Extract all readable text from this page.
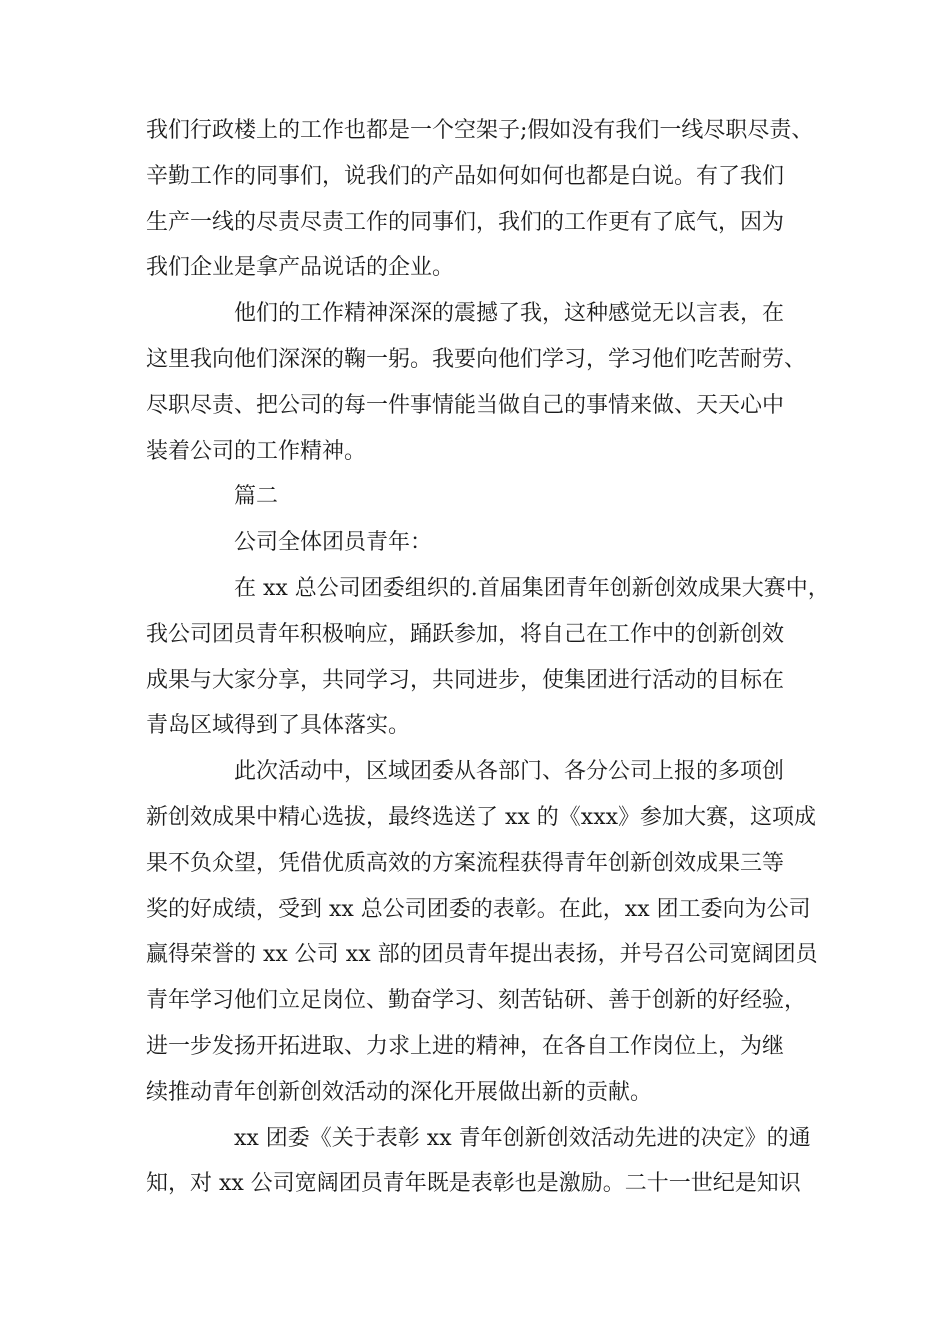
我们行政楼上的工作也都是一个空架子;假如没有我们一线尽职尽责、
辛勤工作的同事们，说我们的产品如何如何也都是白说。有了我们
生产一线的尽责尽责工作的同事们，我们的工作更有了底气，因为
我们企业是拿产品说话的企业。

他们的工作精神深深的震撼了我，这种感觉无以言表，在
这里我向他们深深的鞠一躬。我要向他们学习，学习他们吃苦耐劳、
尽职尽责、把公司的每一件事情能当做自己的事情来做、天天心中
装着公司的工作精神。

篇二

公司全体团员青年：

在 xx 总公司团委组织的.首届集团青年创新创效成果大赛中，
我公司团员青年积极响应，踊跃参加，将自己在工作中的创新创效
成果与大家分享，共同学习，共同进步，使集团进行活动的目标在
青岛区域得到了具体落实。

此次活动中，区域团委从各部门、各分公司上报的多项创
新创效成果中精心选拔，最终选送了 xx 的《xxx》参加大赛，这项成
果不负众望，凭借优质高效的方案流程获得青年创新创效成果三等
奖的好成绩，受到 xx 总公司团委的表彰。在此，xx 团工委向为公司
赢得荣誉的 xx 公司 xx 部的团员青年提出表扬，并号召公司宽阔团员
青年学习他们立足岗位、勤奋学习、刻苦钻研、善于创新的好经验，
进一步发扬开拓进取、力求上进的精神，在各自工作岗位上，为继
续推动青年创新创效活动的深化开展做出新的贡献。

xx 团委《关于表彰 xx 青年创新创效活动先进的决定》的通
知，对 xx 公司宽阔团员青年既是表彰也是激励。二十一世纪是知识
